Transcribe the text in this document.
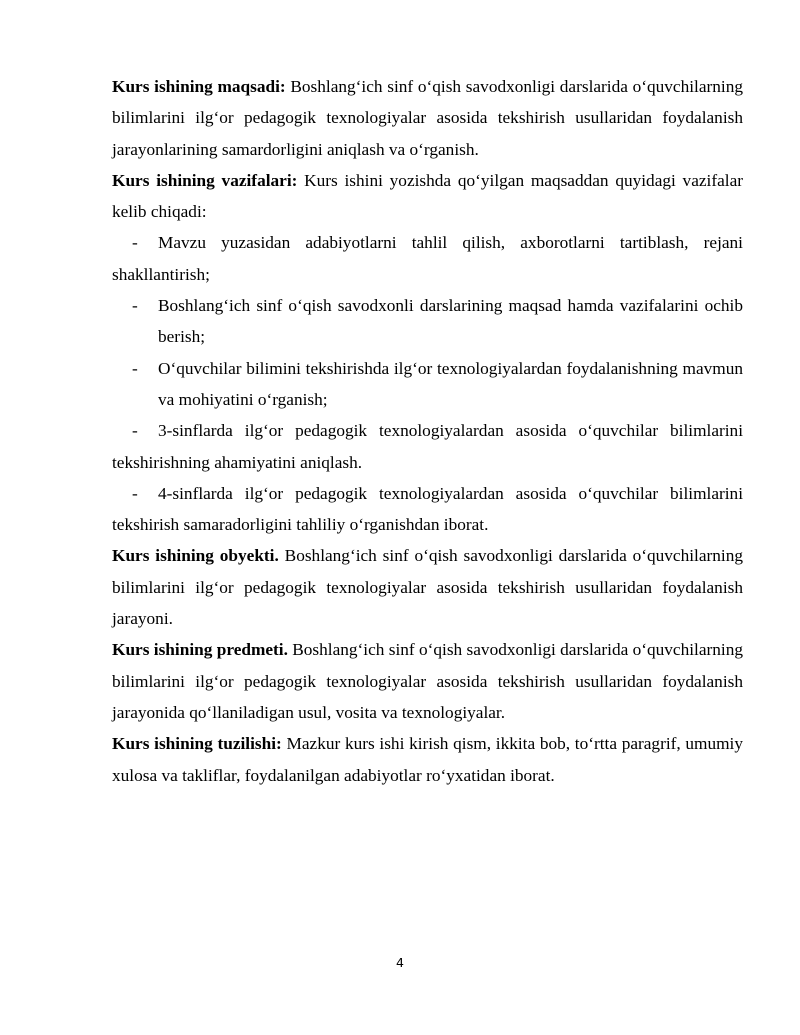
Kurs ishining maqsadi: Boshlang‘ich sinf o‘qish savodxonligi darslarida o‘quvchilarning bilimlarini ilg‘or pedagogik texnologiyalar asosida tekshirish usullaridan foydalanish jarayonlarining samardorligini aniqlash va o‘rganish.

Kurs ishining vazifalari: Kurs ishini yozishda qo‘yilgan maqsaddan quyidagi vazifalar kelib chiqadi:

- Mavzu yuzasidan adabiyotlarni tahlil qilish, axborotlarni tartiblash, rejani shakllantirish;

- Boshlang‘ich sinf o‘qish savodxonli darslarining maqsad hamda vazifalarini ochib berish;

- O‘quvchilar bilimini tekshirishda ilg‘or texnologiyalardan foydalanishning mavmun va mohiyatini o‘rganish;

- 3-sinflarda ilg‘or pedagogik texnologiyalardan asosida o‘quvchilar bilimlarini tekshirishning ahamiyatini aniqlash.

- 4-sinflarda ilg‘or pedagogik texnologiyalardan asosida o‘quvchilar bilimlarini tekshirish samaradorligini tahliliy o‘rganishdan iborat.

Kurs ishining obyekti. Boshlang‘ich sinf o‘qish savodxonligi darslarida o‘quvchilarning bilimlarini ilg‘or pedagogik texnologiyalar asosida tekshirish usullaridan foydalanish jarayoni.

Kurs ishining predmeti. Boshlang‘ich sinf o‘qish savodxonligi darslarida o‘quvchilarning bilimlarini ilg‘or pedagogik texnologiyalar asosida tekshirish usullaridan foydalanish jarayonida qo‘llaniladigan usul, vosita va texnologiyalar.

Kurs ishining tuzilishi: Mazkur kurs ishi kirish qism, ikkita bob, to‘rtta paragrif, umumiy xulosa va takliflar, foydalanilgan adabiyotlar ro‘yxatidan iborat.

4
